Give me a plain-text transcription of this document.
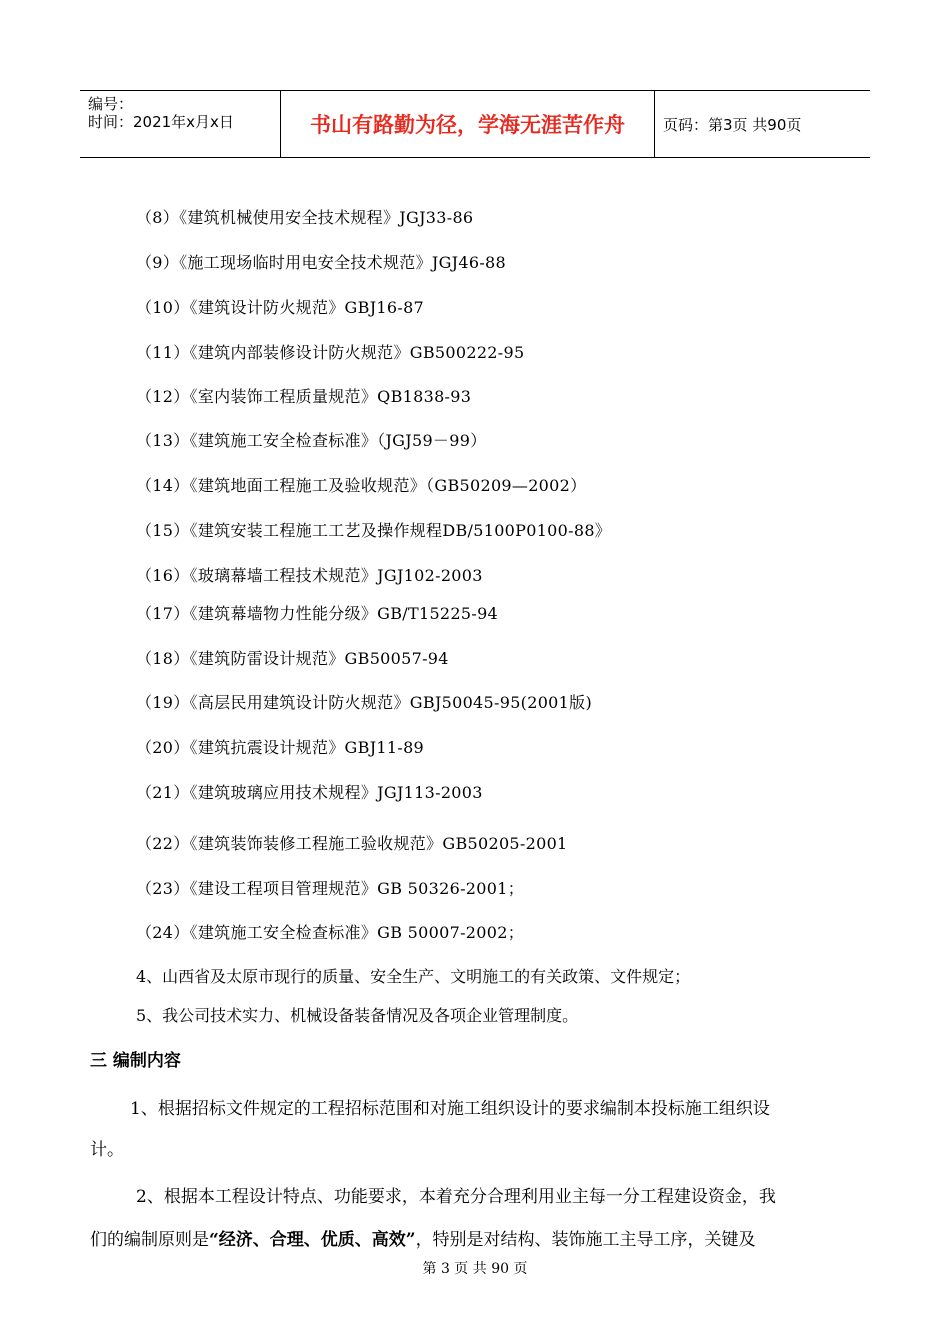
编号：
时间：2021年x月x日	书山有路勤为径，学海无涯苦作舟	页码：第3页 共90页
（8）《建筑机械使用安全技术规程》JGJ33-86
（9）《施工现场临时用电安全技术规范》JGJ46-88
（10）《建筑设计防火规范》GBJ16-87
（11）《建筑内部装修设计防火规范》GB500222-95
（12）《室内装饰工程质量规范》QB1838-93
（13）《建筑施工安全检查标准》（JGJ59－99）
（14）《建筑地面工程施工及验收规范》（GB50209—2002）
（15）《建筑安装工程施工工艺及操作规程DB/5100P0100-88》
（16）《玻璃幕墙工程技术规范》JGJ102-2003
（17）《建筑幕墙物力性能分级》GB/T15225-94
（18）《建筑防雷设计规范》GB50057-94
（19）《高层民用建筑设计防火规范》GBJ50045-95(2001版)
（20）《建筑抗震设计规范》GBJ11-89
（21）《建筑玻璃应用技术规程》JGJ113-2003
（22）《建筑装饰装修工程施工验收规范》GB50205-2001
（23）《建设工程项目管理规范》GB 50326-2001；
（24）《建筑施工安全检查标准》GB 50007-2002；
4、山西省及太原市现行的质量、安全生产、文明施工的有关政策、文件规定；
5、我公司技术实力、机械设备装备情况及各项企业管理制度。
三 编制内容
1、根据招标文件规定的工程招标范围和对施工组织设计的要求编制本投标施工组织设
计。
2、根据本工程设计特点、功能要求，本着充分合理利用业主每一分工程建设资金，我
们的编制原则是“经济、合理、优质、高效”，特别是对结构、装饰施工主导工序，关键及
第 3 页 共 90 页
